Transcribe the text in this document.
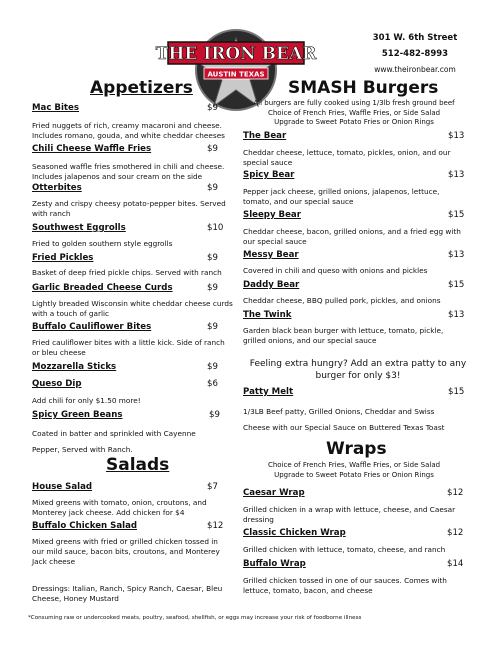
THE IRON BEAR
AUSTIN TEXAS
301 W. 6th Street
512-482-8993
www.theironbear.com
Appetizers
Mac Bites	$9
Fried nuggets of rich, creamy macaroni and cheese. Includes romano, gouda, and white cheddar cheeses
Chili Cheese Waffle Fries	$9
Seasoned waffle fries smothered in chili and cheese. Includes jalapenos and sour cream on the side
Otterbites	$9
Zesty and crispy cheesy potato-pepper bites. Served with ranch
Southwest Eggrolls	$10
Fried to golden southern style eggrolls
Fried Pickles	$9
Basket of deep fried pickle chips. Served with ranch
Garlic Breaded Cheese Curds	$9
Lightly breaded Wisconsin white cheddar cheese curds with a touch of garlic
Buffalo Cauliflower Bites	$9
Fried cauliflower bites with a little kick. Side of ranch or bleu cheese
Mozzarella Sticks	$9
Queso Dip	$6
Add chili for only $1.50 more!
Spicy Green Beans	$9
Coated in batter and sprinkled with Cayenne Pepper, Served with Ranch.
Salads
House Salad	$7
Mixed greens with tomato, onion, croutons, and Monterey jack cheese. Add chicken for $4
Buffalo Chicken Salad	$12
Mixed greens with fried or grilled chicken tossed in our mild sauce, bacon bits, croutons, and Monterey Jack cheese
Dressings: Italian, Ranch, Spicy Ranch, Caesar, Bleu Cheese, Honey Mustard
SMASH Burgers
All burgers are fully cooked using 1/3lb fresh ground beef
Choice of French Fries, Waffle Fries, or Side Salad
Upgrade to Sweet Potato Fries or Onion Rings
The Bear	$13
Cheddar cheese, lettuce, tomato, pickles, onion, and our special sauce
Spicy Bear	$13
Pepper jack cheese, grilled onions, jalapenos, lettuce, tomato, and our special sauce
Sleepy Bear	$15
Cheddar cheese, bacon, grilled onions, and a fried egg with our special sauce
Messy Bear	$13
Covered in chili and queso with onions and pickles
Daddy Bear	$15
Cheddar cheese, BBQ pulled pork, pickles, and onions
The Twink	$13
Garden black bean burger with lettuce, tomato, pickle, grilled onions, and our special sauce
Feeling extra hungry? Add an extra patty to any burger for only $3!
Patty Melt	$15
1/3LB Beef patty, Grilled Onions, Cheddar and Swiss
Cheese with our Special Sauce on Buttered Texas Toast
Wraps
Choice of French Fries, Waffle Fries, or Side Salad
Upgrade to Sweet Potato Fries or Onion Rings
Caesar Wrap	$12
Grilled chicken in a wrap with lettuce, cheese, and Caesar dressing
Classic Chicken Wrap	$12
Grilled chicken with lettuce, tomato, cheese, and ranch
Buffalo Wrap	$14
Grilled chicken tossed in one of our sauces. Comes with lettuce, tomato, bacon, and cheese
*Consuming raw or undercooked meats, poultry, seafood, shellfish, or eggs may increase your risk of foodborne illness
